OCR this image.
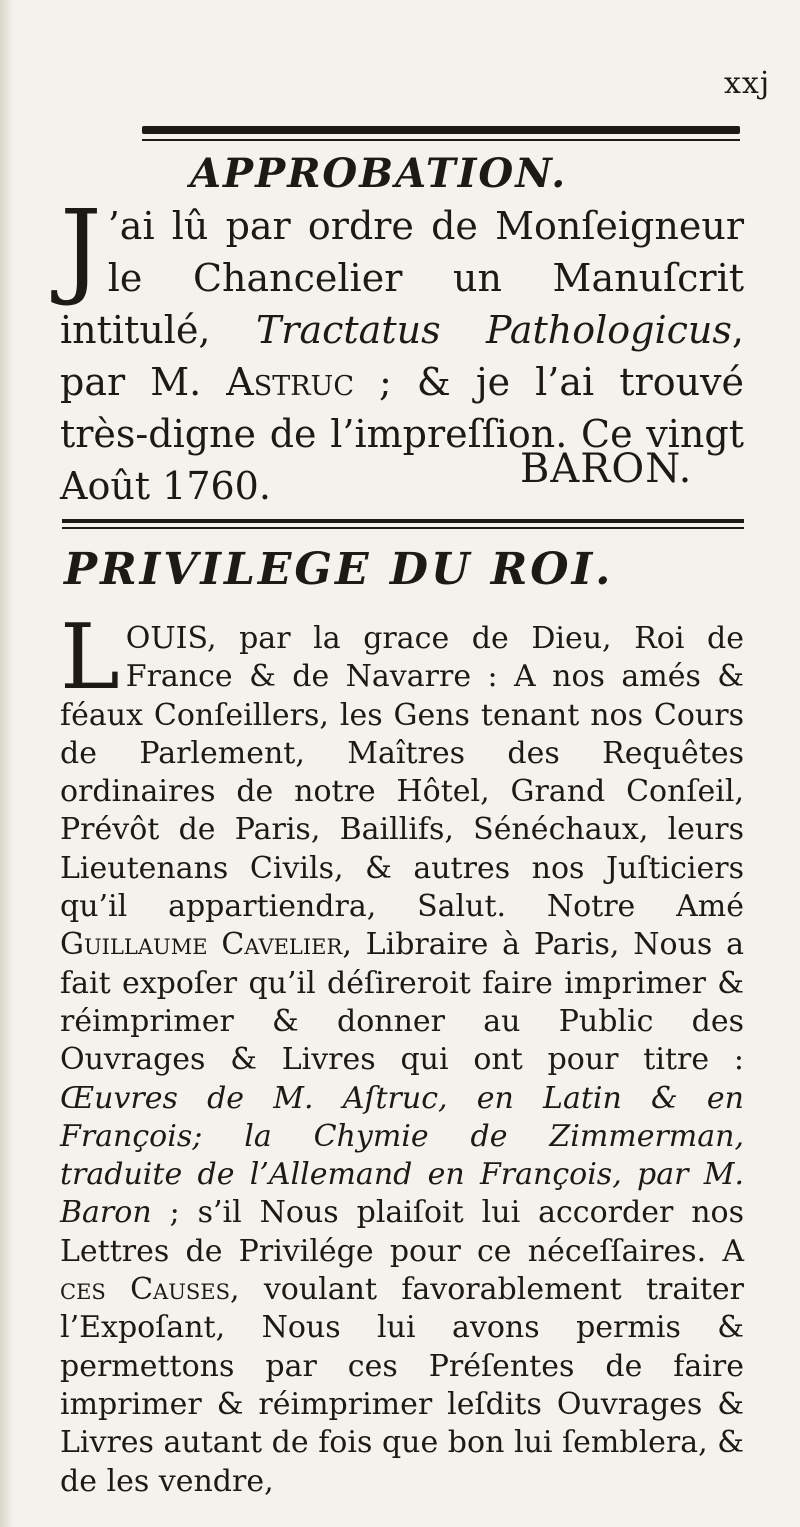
xxj
APPROBATION.
J ’ai lû par ordre de Monſeigneur le Chancelier un Manuſcrit intitulé, Tractatus Pathologicus, par M. Astruc ; & je l’ai trouvé très-digne de l’impreſſion. Ce vingt Août 1760.	BARON.
PRIVILEGE DU ROI.
LOUIS, par la grace de Dieu, Roi de France & de Navarre : A nos amés & féaux Conſeillers, les Gens tenant nos Cours de Parlement, Maîtres des Requêtes ordinaires de notre Hôtel, Grand Conſeil, Prévôt de Paris, Baillifs, Sénéchaux, leurs Lieutenans Civils, & autres nos Juſticiers qu’il appartiendra, Salut. Notre Amé Guillaume Cavelier, Libraire à Paris, Nous a fait expoſer qu’il déſireroit faire imprimer & réimprimer & donner au Public des Ouvrages & Livres qui ont pour titre : Œuvres de M. Aſtruc, en Latin & en François; la Chymie de Zimmerman, traduite de l’Allemand en François, par M. Baron ; s’il Nous plaiſoit lui accorder nos Lettres de Privilége pour ce néceſſaires. A ces Causes, voulant favorablement traiter l’Expoſant, Nous lui avons permis & permettons par ces Préſentes de faire imprimer & réimprimer leſdits Ouvrages & Livres autant de fois que bon lui ſemblera, & de les vendre,
